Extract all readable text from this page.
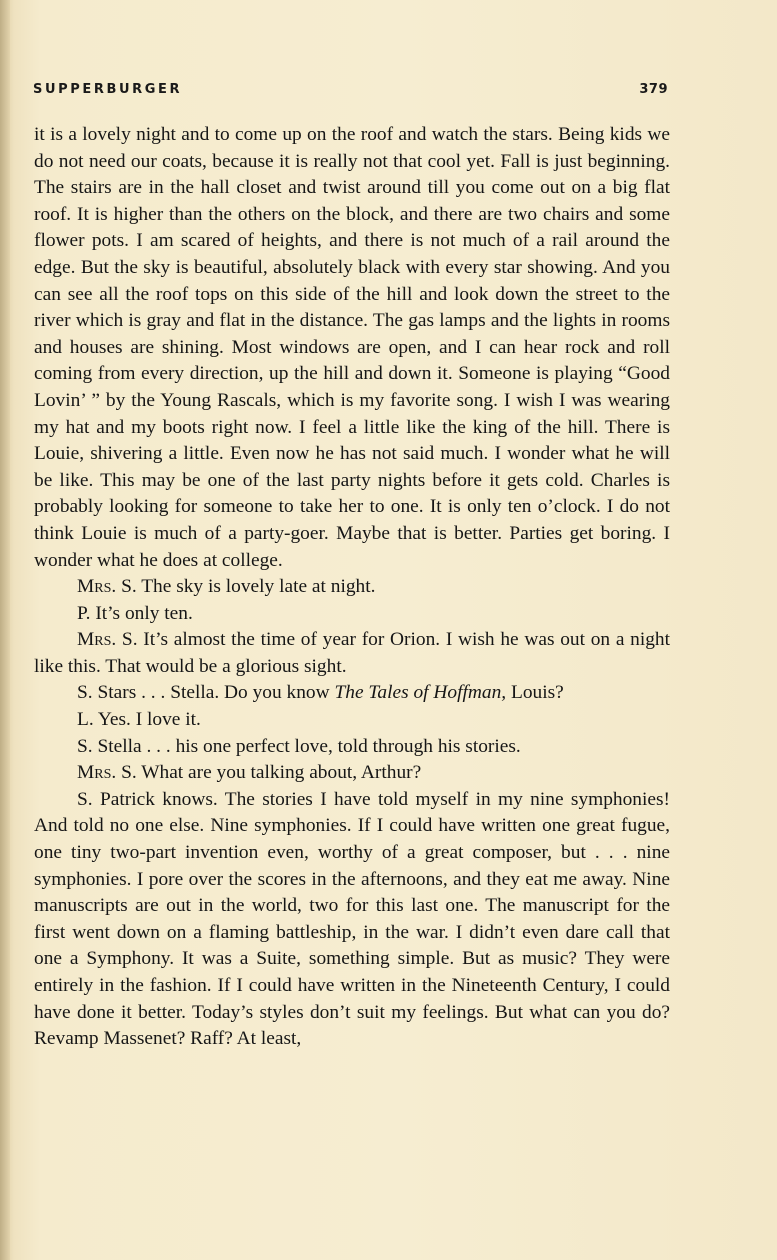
SUPPERBURGER	379

it is a lovely night and to come up on the roof and watch the stars. Being kids we do not need our coats, because it is really not that cool yet. Fall is just beginning. The stairs are in the hall closet and twist around till you come out on a big flat roof. It is higher than the others on the block, and there are two chairs and some flower pots. I am scared of heights, and there is not much of a rail around the edge. But the sky is beautiful, absolutely black with every star showing. And you can see all the roof tops on this side of the hill and look down the street to the river which is gray and flat in the distance. The gas lamps and the lights in rooms and houses are shining. Most windows are open, and I can hear rock and roll coming from every direction, up the hill and down it. Someone is playing “Good Lovin’ ” by the Young Rascals, which is my favorite song. I wish I was wearing my hat and my boots right now. I feel a little like the king of the hill. There is Louie, shivering a little. Even now he has not said much. I wonder what he will be like. This may be one of the last party nights before it gets cold. Charles is probably looking for someone to take her to one. It is only ten o’clock. I do not think Louie is much of a party-goer. Maybe that is better. Parties get boring. I wonder what he does at college.

Mrs. S. The sky is lovely late at night.

P. It’s only ten.

Mrs. S. It’s almost the time of year for Orion. I wish he was out on a night like this. That would be a glorious sight.

S. Stars . . . Stella. Do you know The Tales of Hoffman, Louis?

L. Yes. I love it.

S. Stella . . . his one perfect love, told through his stories.

Mrs. S. What are you talking about, Arthur?

S. Patrick knows. The stories I have told myself in my nine symphonies! And told no one else. Nine symphonies. If I could have written one great fugue, one tiny two-part invention even, worthy of a great composer, but . . . nine symphonies. I pore over the scores in the afternoons, and they eat me away. Nine manuscripts are out in the world, two for this last one. The manuscript for the first went down on a flaming battleship, in the war. I didn’t even dare call that one a Symphony. It was a Suite, something simple. But as music? They were entirely in the fashion. If I could have written in the Nineteenth Century, I could have done it better. Today’s styles don’t suit my feelings. But what can you do? Revamp Massenet? Raff? At least,
